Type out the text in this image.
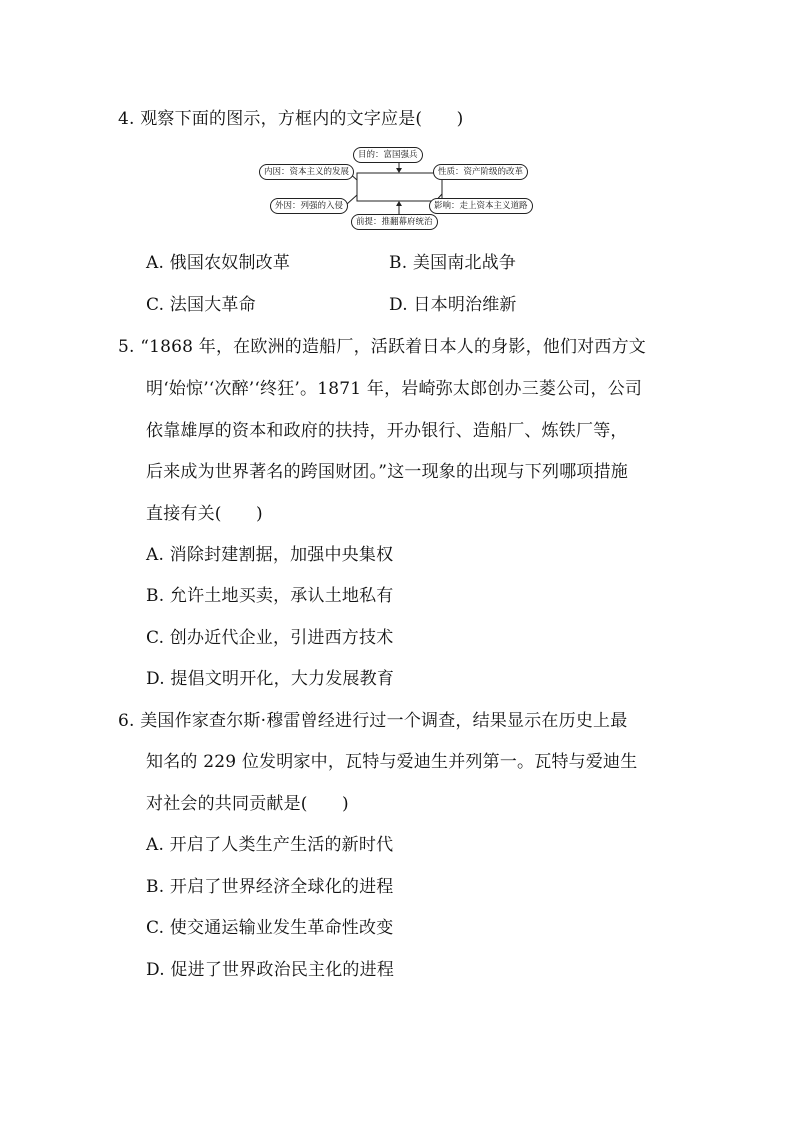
4. 观察下面的图示，方框内的文字应是(　　)
目的：富国强兵
内因：资本主义的发展
外因：列强的入侵
性质：资产阶级的改革
影响：走上资本主义道路
前提：推翻幕府统治
A. 俄国农奴制改革	B. 美国南北战争
C. 法国大革命	D. 日本明治维新
5. “1868 年，在欧洲的造船厂，活跃着日本人的身影，他们对西方文
明‘始惊’‘次醉’‘终狂’。1871 年，岩崎弥太郎创办三菱公司，公司
依靠雄厚的资本和政府的扶持，开办银行、造船厂、炼铁厂等，
后来成为世界著名的跨国财团。”这一现象的出现与下列哪项措施
直接有关(　　)
A. 消除封建割据，加强中央集权
B. 允许土地买卖，承认土地私有
C. 创办近代企业，引进西方技术
D. 提倡文明开化，大力发展教育
6. 美国作家查尔斯·穆雷曾经进行过一个调查，结果显示在历史上最
知名的 229 位发明家中，瓦特与爱迪生并列第一。瓦特与爱迪生
对社会的共同贡献是(　　)
A. 开启了人类生产生活的新时代
B. 开启了世界经济全球化的进程
C. 使交通运输业发生革命性改变
D. 促进了世界政治民主化的进程
